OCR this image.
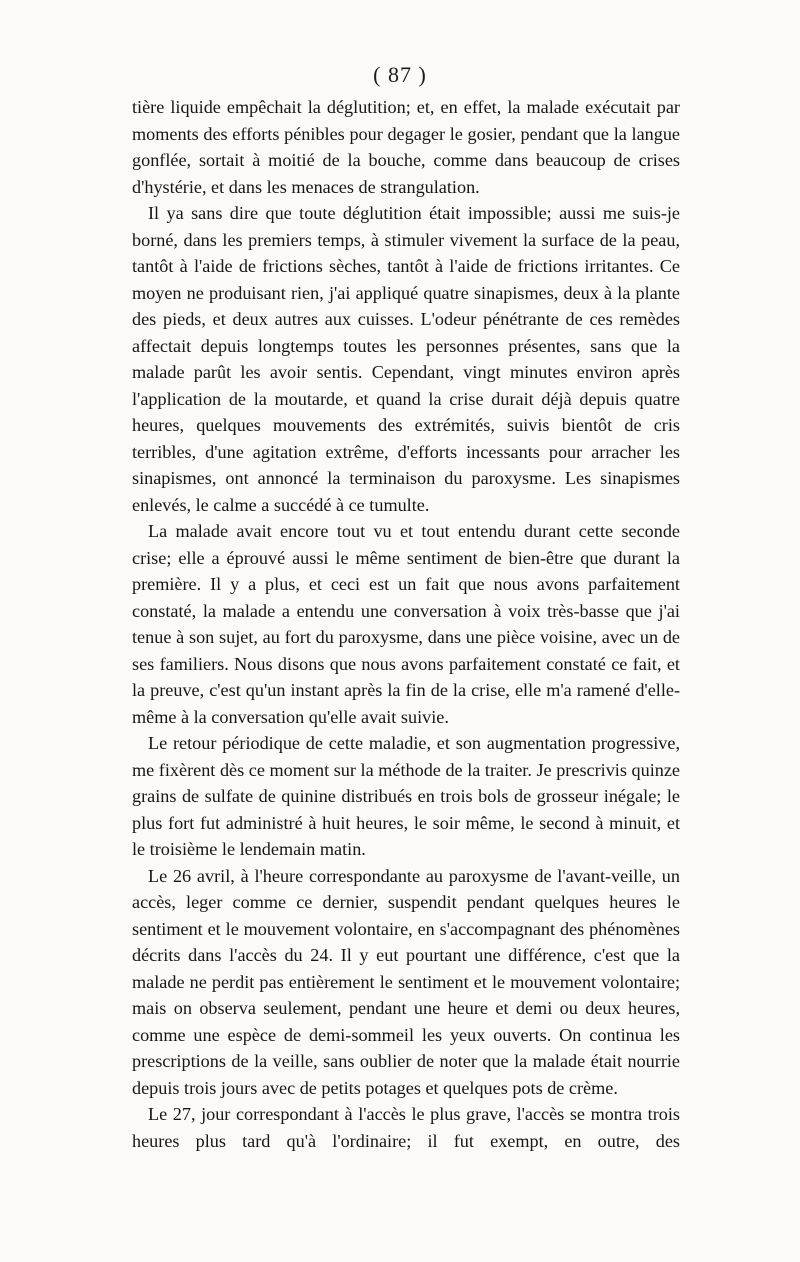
( 87 )

tière liquide empêchait la déglutition; et, en effet, la malade exécutait par moments des efforts pénibles pour degager le gosier, pendant que la langue gonflée, sortait à moitié de la bouche, comme dans beaucoup de crises d'hystérie, et dans les menaces de strangulation.

Il ya sans dire que toute déglutition était impossible; aussi me suis-je borné, dans les premiers temps, à stimuler vivement la surface de la peau, tantôt à l'aide de frictions sèches, tantôt à l'aide de frictions irritantes. Ce moyen ne produisant rien, j'ai appliqué quatre sinapismes, deux à la plante des pieds, et deux autres aux cuisses. L'odeur pénétrante de ces remèdes affectait depuis longtemps toutes les personnes présentes, sans que la malade parût les avoir sentis. Cependant, vingt minutes environ après l'application de la moutarde, et quand la crise durait déjà depuis quatre heures, quelques mouvements des extrémités, suivis bientôt de cris terribles, d'une agitation extrême, d'efforts incessants pour arracher les sinapismes, ont annoncé la terminaison du paroxysme. Les sinapismes enlevés, le calme a succédé à ce tumulte.

La malade avait encore tout vu et tout entendu durant cette seconde crise; elle a éprouvé aussi le même sentiment de bien-être que durant la première. Il y a plus, et ceci est un fait que nous avons parfaitement constaté, la malade a entendu une conversation à voix très-basse que j'ai tenue à son sujet, au fort du paroxysme, dans une pièce voisine, avec un de ses familiers. Nous disons que nous avons parfaitement constaté ce fait, et la preuve, c'est qu'un instant après la fin de la crise, elle m'a ramené d'elle-même à la conversation qu'elle avait suivie.

Le retour périodique de cette maladie, et son augmentation progressive, me fixèrent dès ce moment sur la méthode de la traiter. Je prescrivis quinze grains de sulfate de quinine distribués en trois bols de grosseur inégale; le plus fort fut administré à huit heures, le soir même, le second à minuit, et le troisième le lendemain matin.

Le 26 avril, à l'heure correspondante au paroxysme de l'avant-veille, un accès, leger comme ce dernier, suspendit pendant quelques heures le sentiment et le mouvement volontaire, en s'accompagnant des phénomènes décrits dans l'accès du 24. Il y eut pourtant une différence, c'est que la malade ne perdit pas entièrement le sentiment et le mouvement volontaire; mais on observa seulement, pendant une heure et demi ou deux heures, comme une espèce de demi-sommeil les yeux ouverts. On continua les prescriptions de la veille, sans oublier de noter que la malade était nourrie depuis trois jours avec de petits potages et quelques pots de crème.

Le 27, jour correspondant à l'accès le plus grave, l'accès se montra trois heures plus tard qu'à l'ordinaire; il fut exempt, en outre, des
